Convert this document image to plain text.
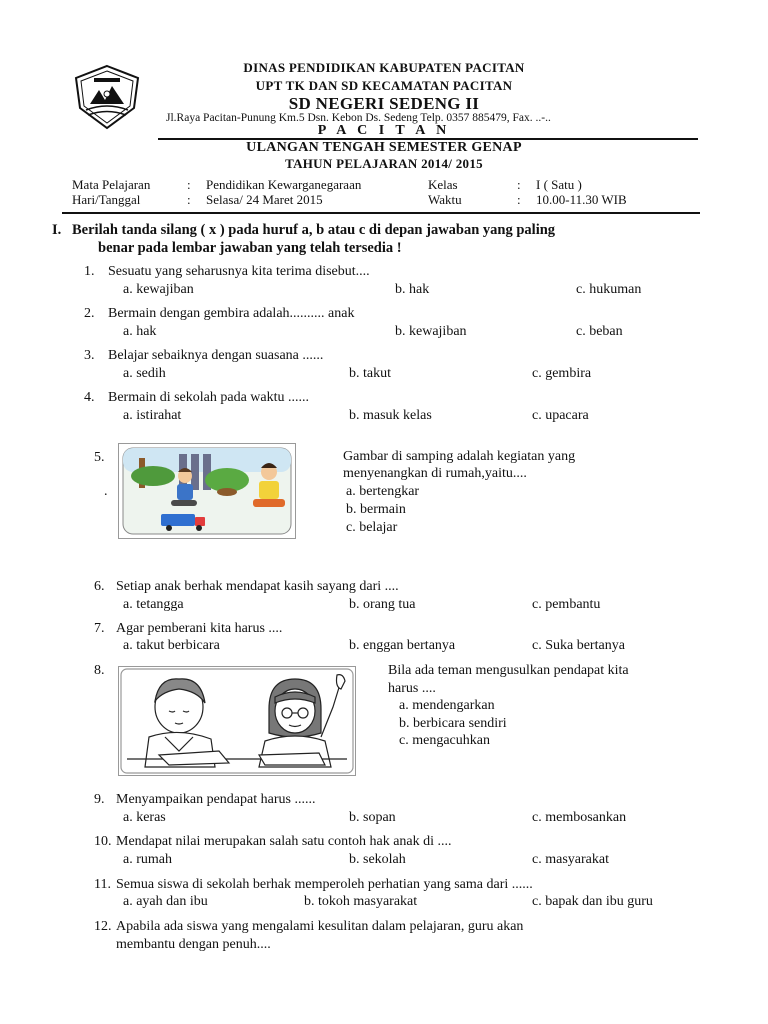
DINAS PENDIDIKAN KABUPATEN PACITAN
UPT TK DAN SD KECAMATAN PACITAN
SD NEGERI SEDENG II
Jl.Raya Pacitan-Punung Km.5 Dsn. Kebon Ds. Sedeng Telp. 0357 885479, Fax. ..-..
P A C I T A N
ULANGAN TENGAH SEMESTER GENAP
TAHUN PELAJARAN 2014/ 2015
Mata Pelajaran	: Pendidikan Kewarganegaraan	Kelas	: I ( Satu )
Hari/Tanggal	: Selasa/ 24 Maret 2015	Waktu	: 10.00-11.30 WIB
I. Berilah tanda silang ( x ) pada huruf a, b atau c di depan jawaban yang paling
benar pada lembar jawaban yang telah tersedia !
1. Sesuatu yang seharusnya kita terima disebut....
a. kewajiban	b. hak	c. hukuman
2. Bermain dengan gembira adalah.......... anak
a. hak	b. kewajiban	c. beban
3. Belajar sebaiknya dengan suasana ......
a. sedih	b. takut	c. gembira
4. Bermain di sekolah pada waktu ......
a. istirahat	b. masuk kelas	c. upacara
5.
.
Gambar di samping adalah kegiatan yang
menyenangkan di rumah,yaitu....
a. bertengkar
b. bermain
c. belajar
6. Setiap anak berhak mendapat kasih sayang dari ....
a. tetangga	b. orang tua	c. pembantu
7. Agar pemberani kita harus ....
a. takut berbicara	b. enggan bertanya	c. Suka bertanya
8.	Bila ada teman mengusulkan pendapat kita
harus ....
a. mendengarkan
b. berbicara sendiri
c. mengacuhkan
9. Menyampaikan pendapat harus ......
a. keras	b. sopan	c. membosankan
10. Mendapat nilai merupakan salah satu contoh hak anak di ....
a. rumah	b. sekolah	c. masyarakat
11. Semua siswa di sekolah berhak memperoleh perhatian yang sama dari ......
a. ayah dan ibu	b. tokoh masyarakat	c. bapak dan ibu guru
12. Apabila ada siswa yang mengalami kesulitan dalam pelajaran, guru akan
membantu dengan penuh....
